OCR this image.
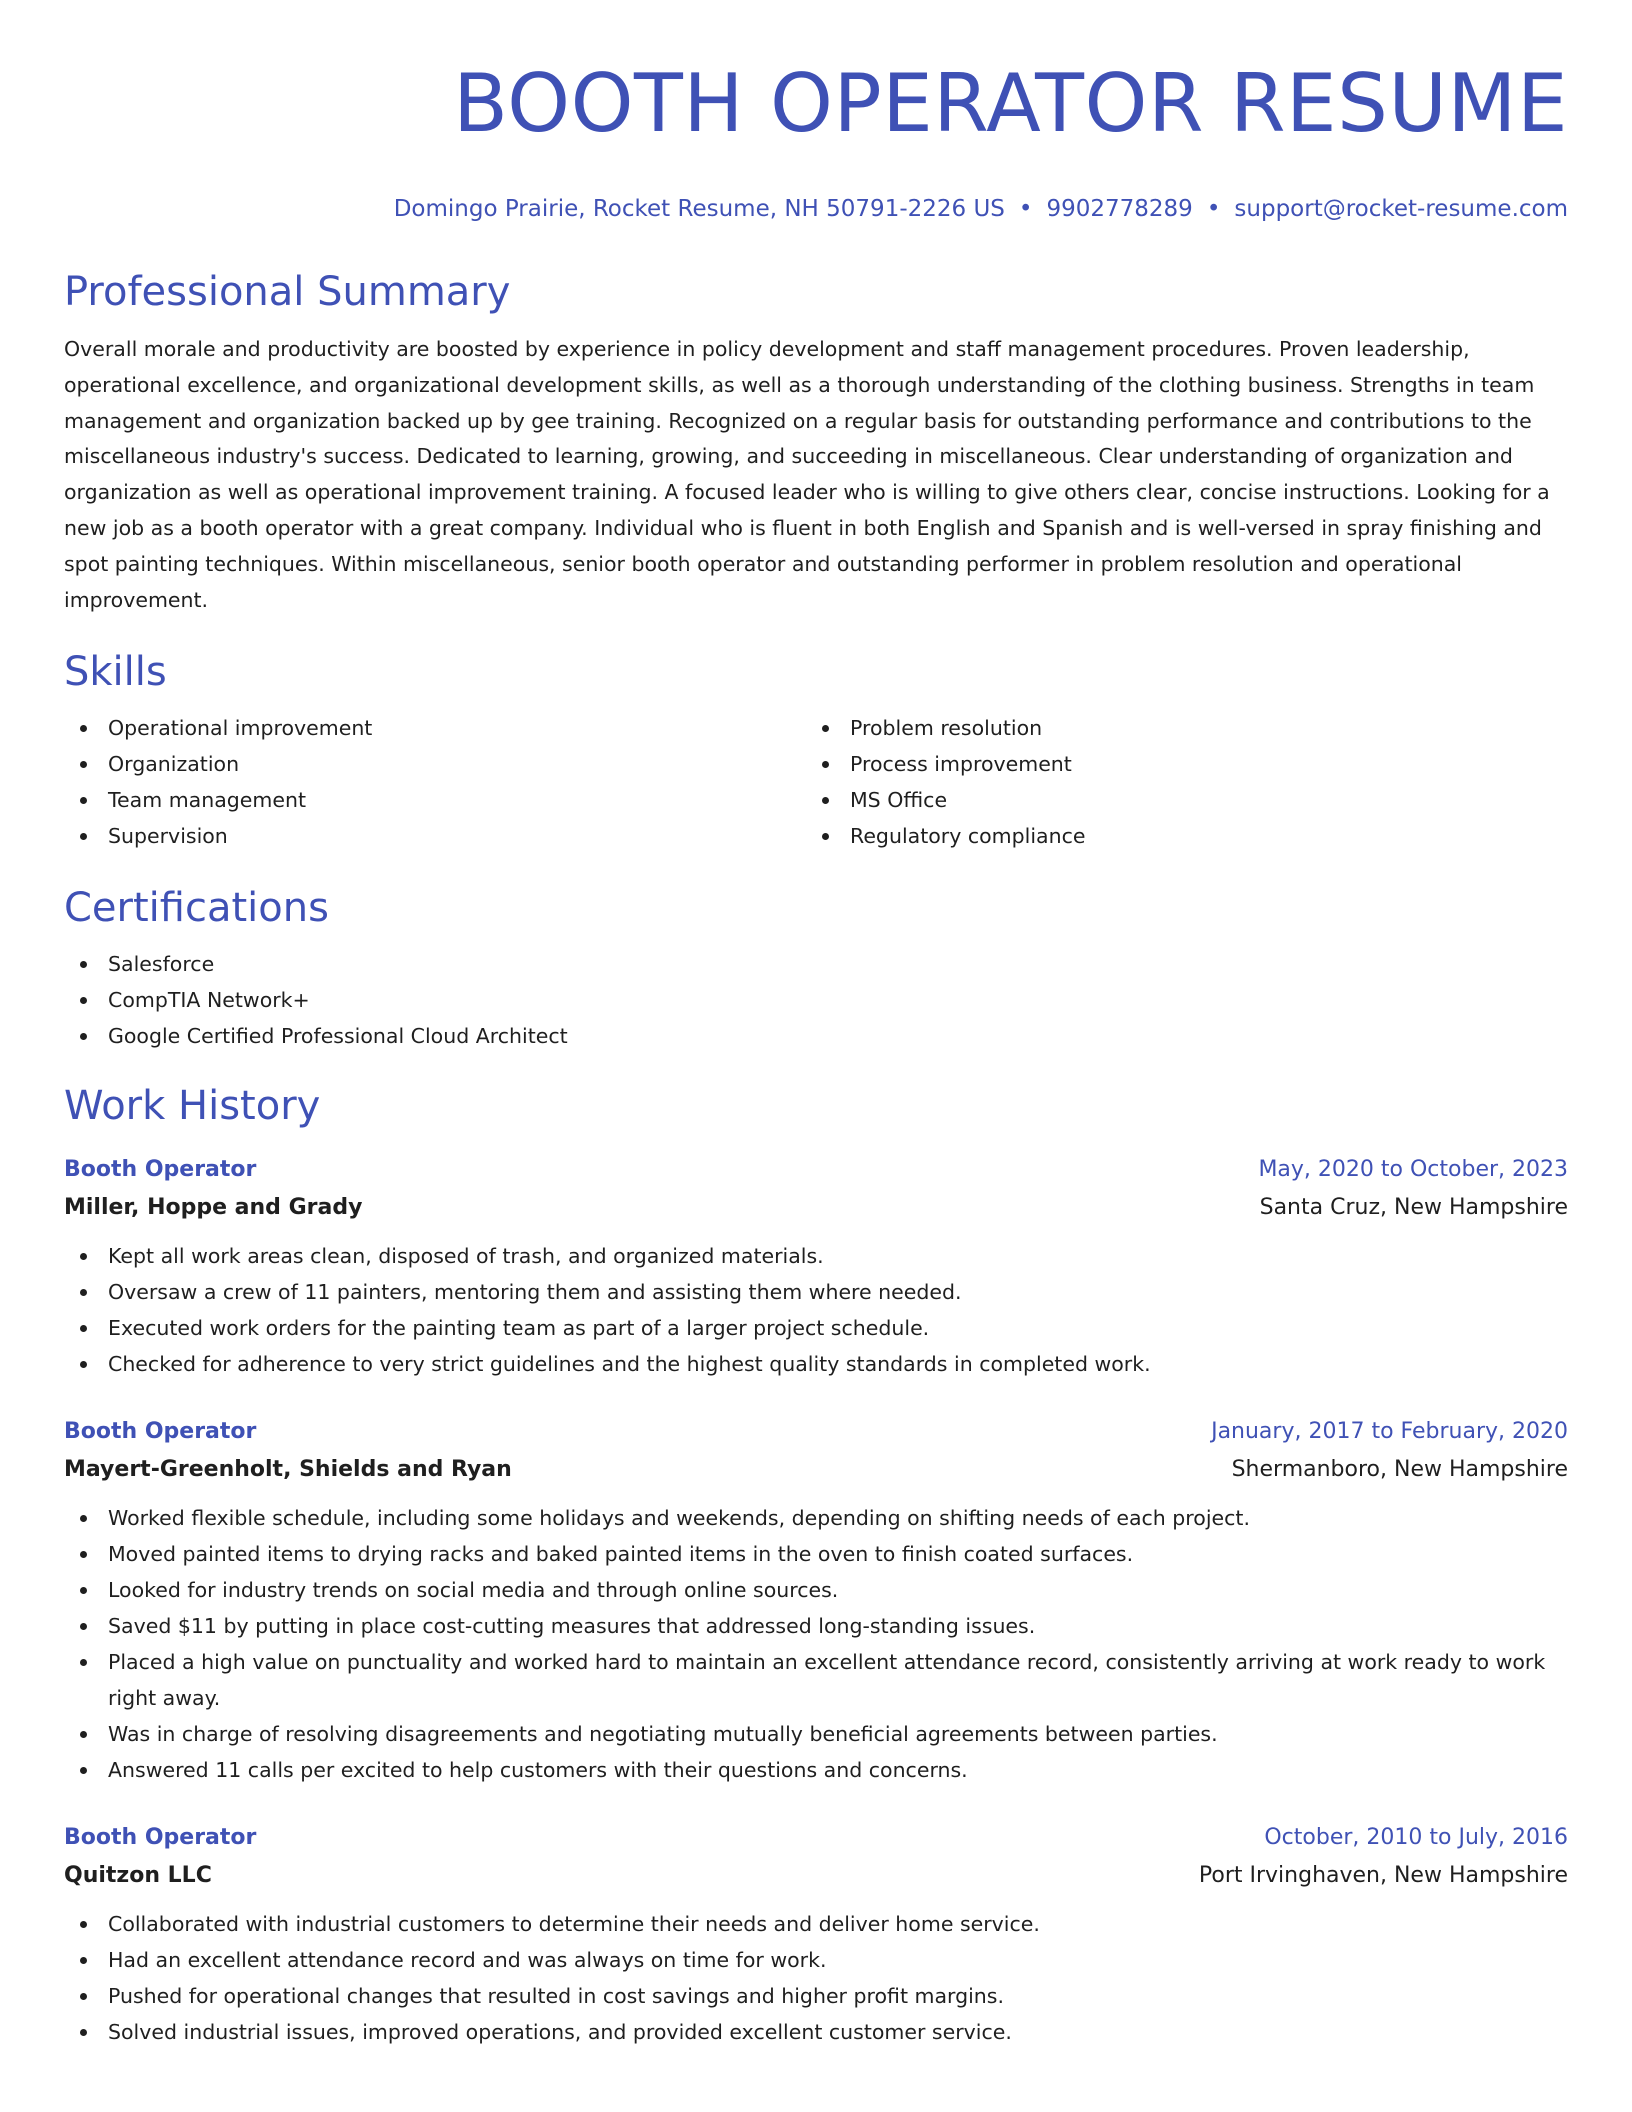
BOOTH OPERATOR RESUME
Domingo Prairie, Rocket Resume, NH 50791-2226 US • 9902778289 • support@rocket-resume.com
Professional Summary

Overall morale and productivity are boosted by experience in policy development and staff management procedures. Proven leadership, operational excellence, and organizational development skills, as well as a thorough understanding of the clothing business. Strengths in team management and organization backed up by gee training. Recognized on a regular basis for outstanding performance and contributions to the miscellaneous industry's success. Dedicated to learning, growing, and succeeding in miscellaneous. Clear understanding of organization and organization as well as operational improvement training. A focused leader who is willing to give others clear, concise instructions. Looking for a new job as a booth operator with a great company. Individual who is fluent in both English and Spanish and is well-versed in spray finishing and spot painting techniques. Within miscellaneous, senior booth operator and outstanding performer in problem resolution and operational improvement.

Skills
Operational improvement
Organization
Team management
Supervision
Problem resolution
Process improvement
MS Office
Regulatory compliance
Certifications
Salesforce
CompTIA Network+
Google Certified Professional Cloud Architect
Work History
Booth Operator	May, 2020 to October, 2023
Miller, Hoppe and Grady	Santa Cruz, New Hampshire
Kept all work areas clean, disposed of trash, and organized materials.
Oversaw a crew of 11 painters, mentoring them and assisting them where needed.
Executed work orders for the painting team as part of a larger project schedule.
Checked for adherence to very strict guidelines and the highest quality standards in completed work.
Booth Operator	January, 2017 to February, 2020
Mayert-Greenholt, Shields and Ryan	Shermanboro, New Hampshire
Worked flexible schedule, including some holidays and weekends, depending on shifting needs of each project.
Moved painted items to drying racks and baked painted items in the oven to finish coated surfaces.
Looked for industry trends on social media and through online sources.
Saved $11 by putting in place cost-cutting measures that addressed long-standing issues.
Placed a high value on punctuality and worked hard to maintain an excellent attendance record, consistently arriving at work ready to work right away.
Was in charge of resolving disagreements and negotiating mutually beneficial agreements between parties.
Answered 11 calls per excited to help customers with their questions and concerns.
Booth Operator	October, 2010 to July, 2016
Quitzon LLC	Port Irvinghaven, New Hampshire
Collaborated with industrial customers to determine their needs and deliver home service.
Had an excellent attendance record and was always on time for work.
Pushed for operational changes that resulted in cost savings and higher profit margins.
Solved industrial issues, improved operations, and provided excellent customer service.
